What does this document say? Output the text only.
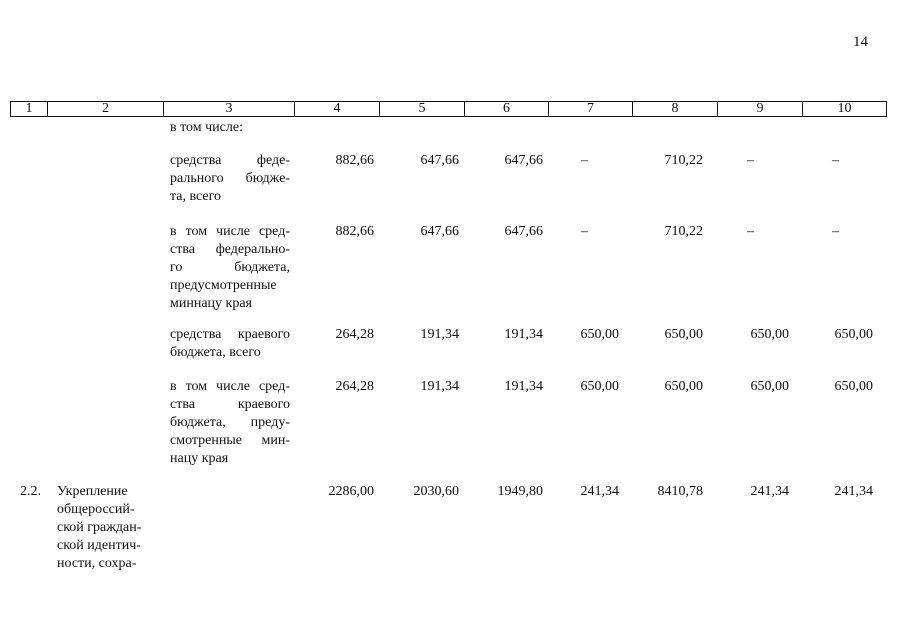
14
1	2	3	4	5	6	7	8	9	10
в том числе:
средства феде-
рального бюдже-
та, всего
882,66	647,66	647,66	–	710,22	–	–
в том числе сред-
ства федерально-
го бюджета,
предусмотренные
миннацу края
882,66	647,66	647,66	–	710,22	–	–
средства краевого
бюджета, всего
264,28	191,34	191,34	650,00	650,00	650,00	650,00
в том числе сред-
ства краевого
бюджета, преду-
смотренные мин-
нацу края
264,28	191,34	191,34	650,00	650,00	650,00	650,00
2.2. Укрепление
общероссий-
ской граждан-
ской идентич-
ности, сохра-
2286,00	2030,60	1949,80	241,34	8410,78	241,34	241,34
